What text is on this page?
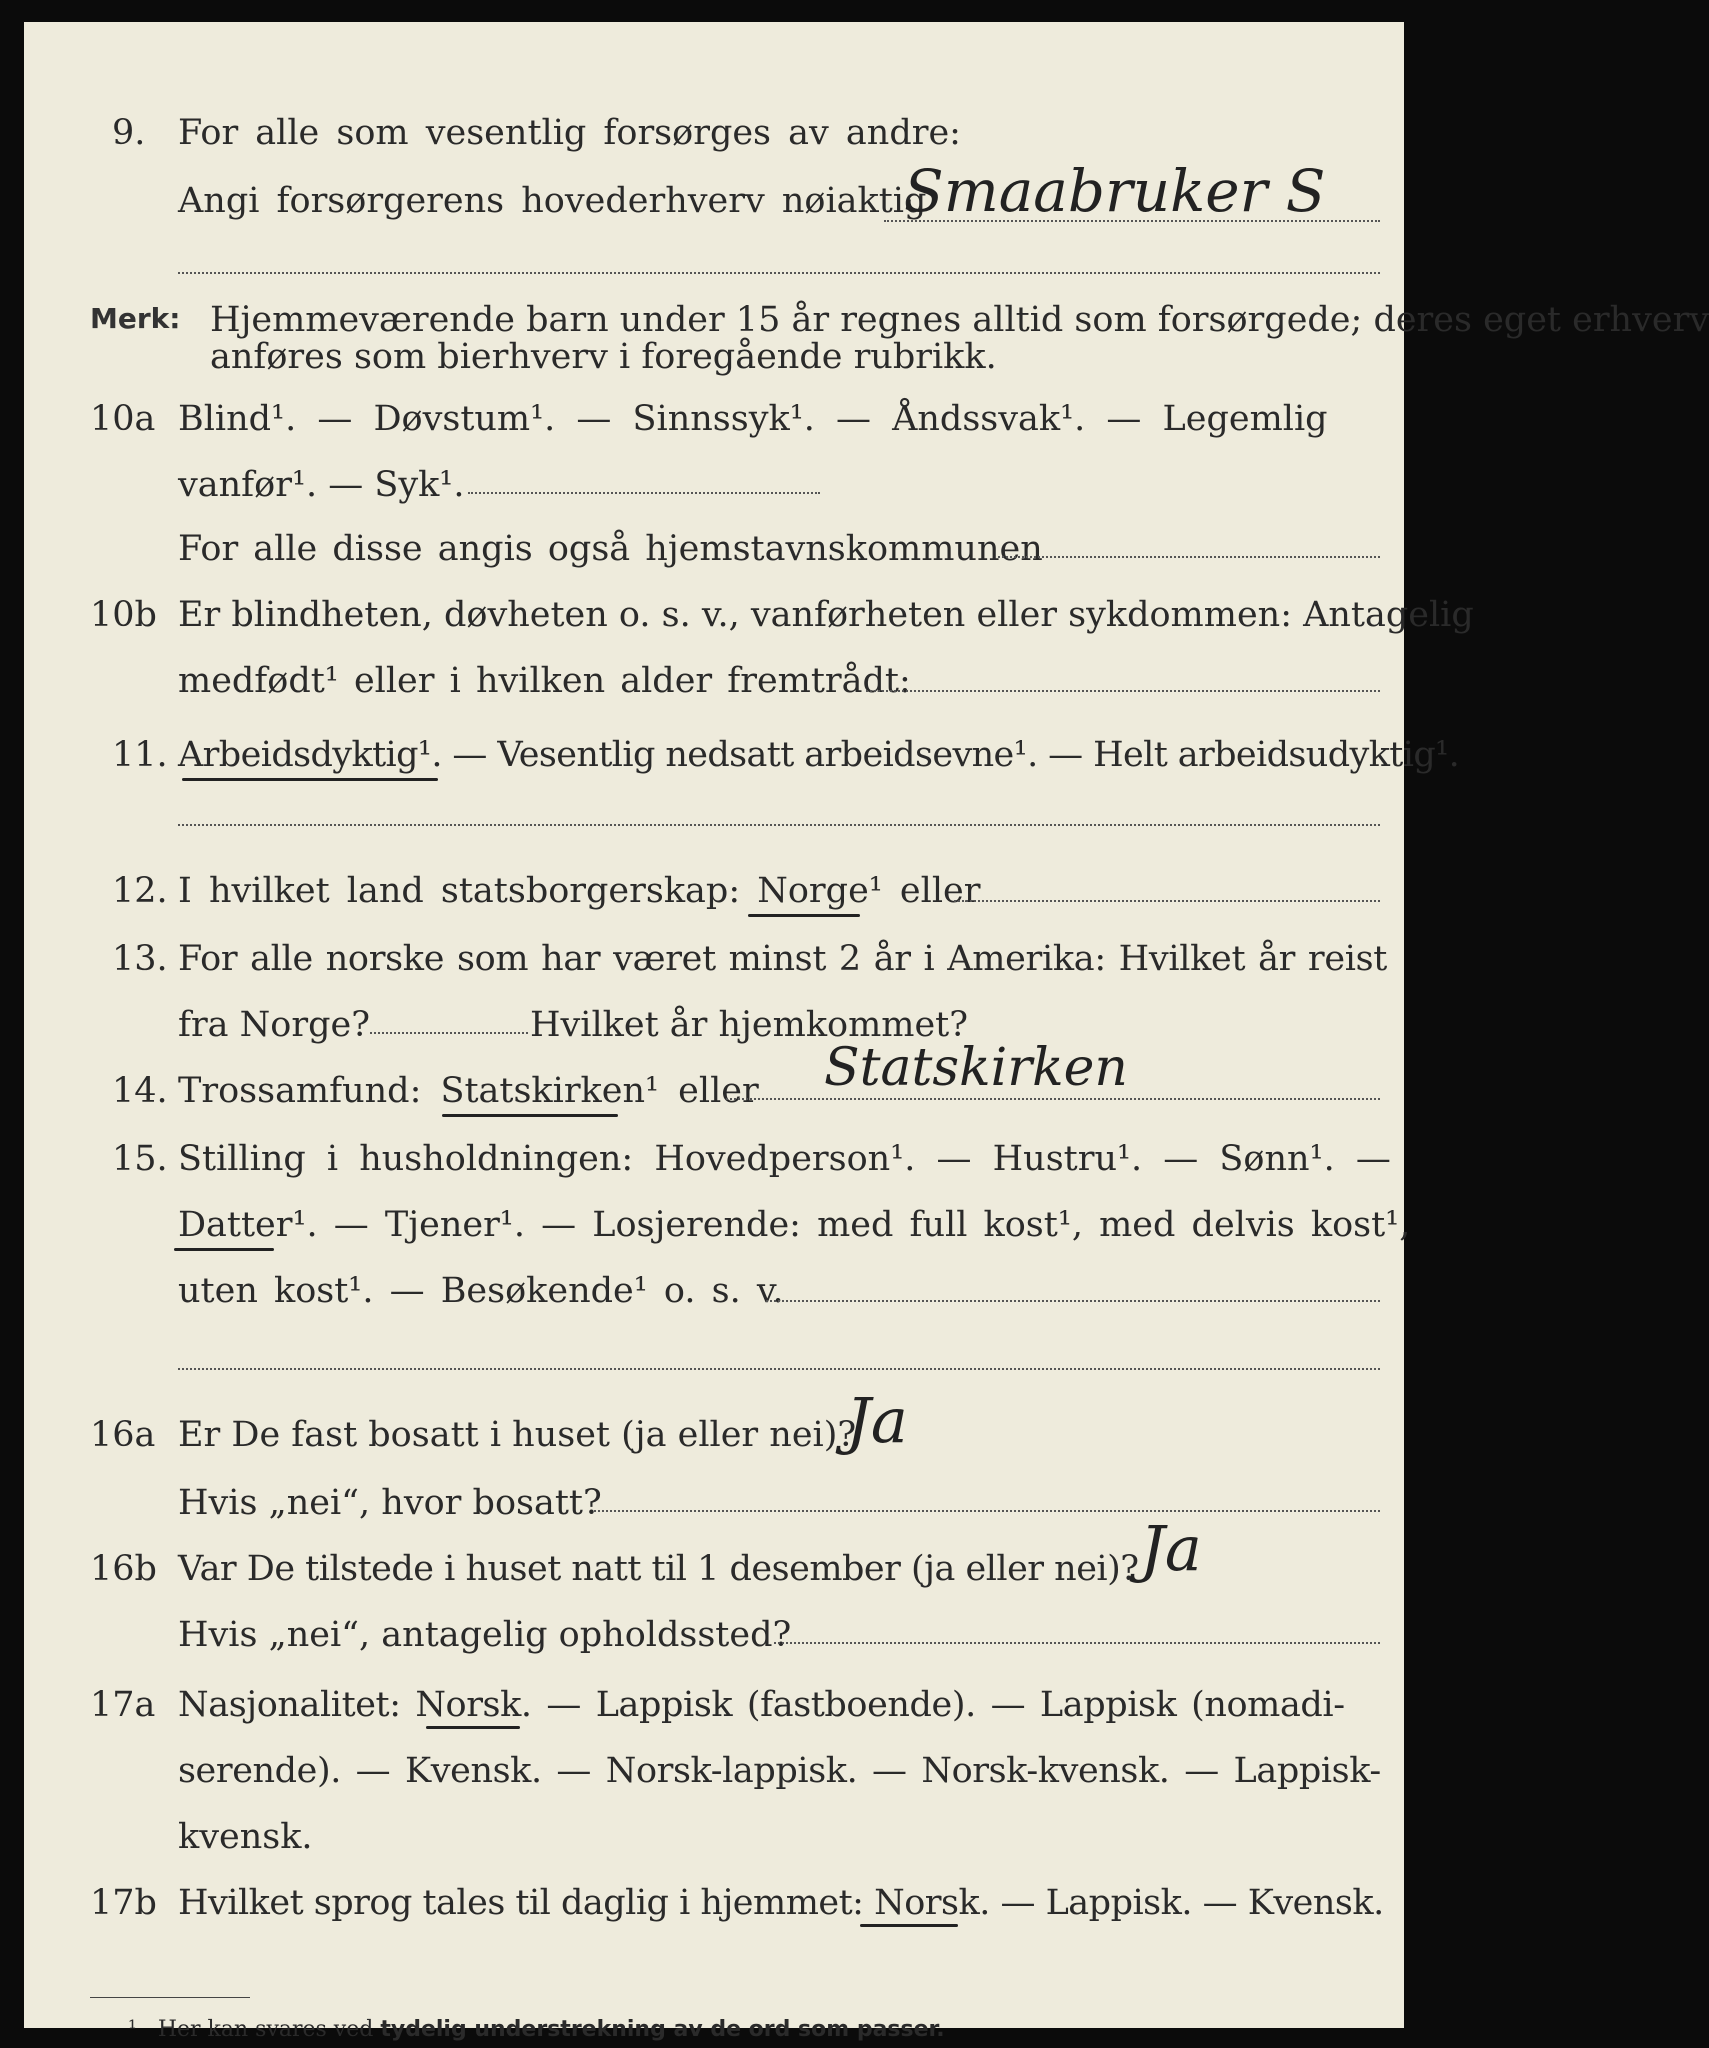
9. For alle som vesentlig forsørges av andre:
Angi forsørgerens hovederhverv nøiaktig
Smaabruker S
Merk: Hjemmeværende barn under 15 år regnes alltid som forsørgede; deres eget erhverv
anføres som bierhverv i foregående rubrikk.
10a Blind¹. — Døvstum¹. — Sinnssyk¹. — Åndssvak¹. — Legemlig
vanfør¹. — Syk¹.
For alle disse angis også hjemstavnskommunen
10b Er blindheten, døvheten o. s. v., vanførheten eller sykdommen: Antagelig
medfødt¹ eller i hvilken alder fremtrådt:
11. Arbeidsdyktig¹. — Vesentlig nedsatt arbeidsevne¹. — Helt arbeidsudyktig¹.
12. I hvilket land statsborgerskap: Norge¹ eller
13. For alle norske som har været minst 2 år i Amerika: Hvilket år reist
fra Norge?	Hvilket år hjemkommet?
14. Trossamfund: Statskirken¹ eller Statskirken
15. Stilling i husholdningen: Hovedperson¹. — Hustru¹. — Sønn¹. —
Datter¹. — Tjener¹. — Losjerende: med full kost¹, med delvis kost¹,
uten kost¹. — Besøkende¹ o. s. v.
16a Er De fast bosatt i huset (ja eller nei)?
Ja
Hvis „nei“, hvor bosatt?
16b Var De tilstede i huset natt til 1 desember (ja eller nei)? Ja
Hvis „nei“, antagelig opholdssted?
17a Nasjonalitet: Norsk. — Lappisk (fastboende). — Lappisk (nomadi-
serende). — Kvensk. — Norsk-lappisk. — Norsk-kvensk. — Lappisk-
kvensk.
17b Hvilket sprog tales til daglig i hjemmet: Norsk. — Lappisk. — Kvensk.
¹ Her kan svares ved tydelig understrekning av de ord som passer.
